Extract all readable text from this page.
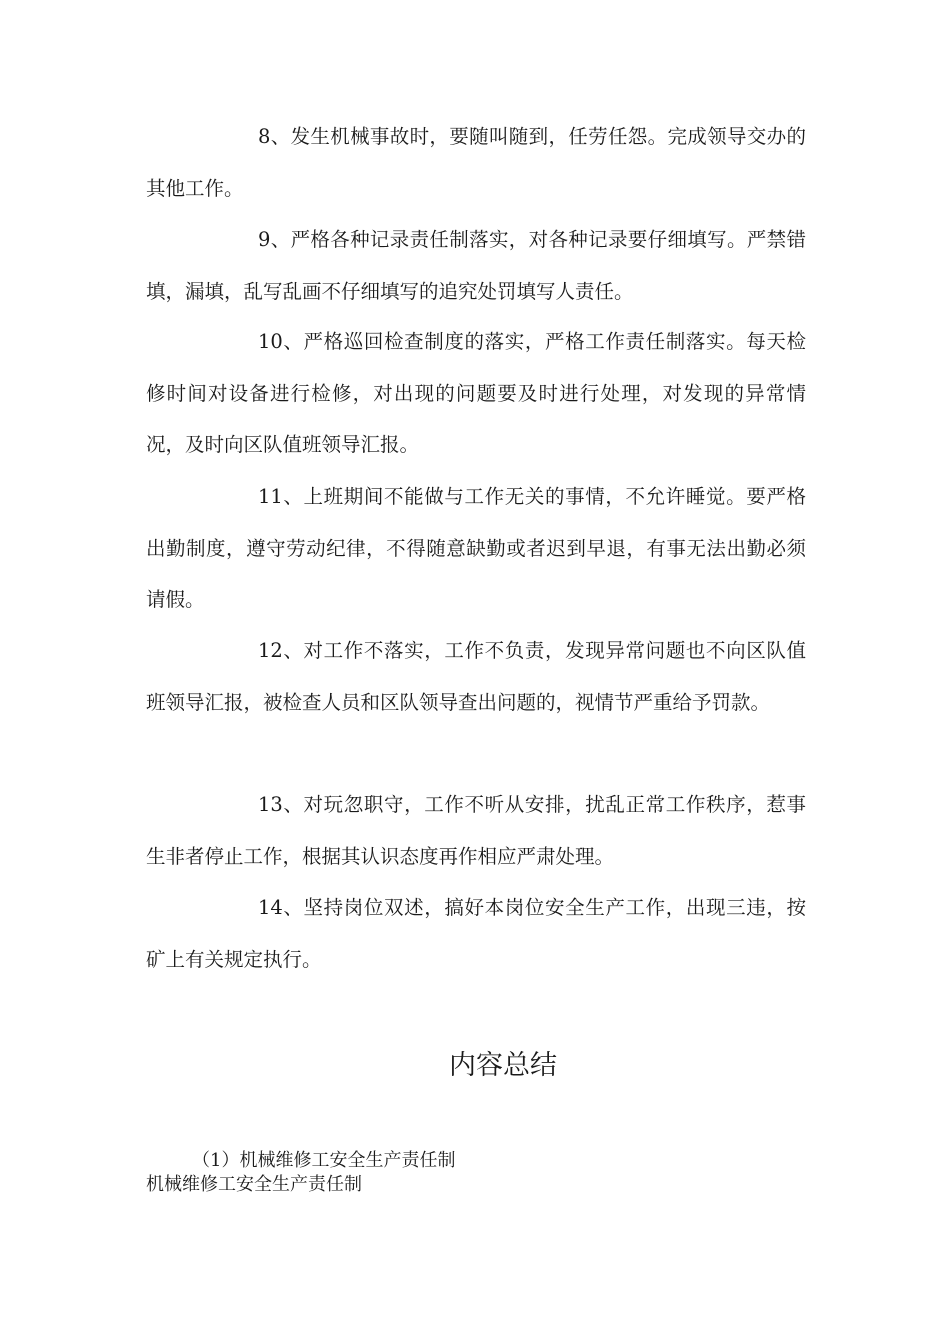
8、发生机械事故时，要随叫随到，任劳任怨。完成领导交办的其他工作。

9、严格各种记录责任制落实，对各种记录要仔细填写。严禁错填，漏填，乱写乱画不仔细填写的追究处罚填写人责任。

10、严格巡回检查制度的落实，严格工作责任制落实。每天检修时间对设备进行检修，对出现的问题要及时进行处理，对发现的异常情况，及时向区队值班领导汇报。

11、上班期间不能做与工作无关的事情，不允许睡觉。要严格出勤制度，遵守劳动纪律，不得随意缺勤或者迟到早退，有事无法出勤必须请假。

12、对工作不落实，工作不负责，发现异常问题也不向区队值班领导汇报，被检查人员和区队领导查出问题的，视情节严重给予罚款。

13、对玩忽职守，工作不听从安排，扰乱正常工作秩序，惹事生非者停止工作，根据其认识态度再作相应严肃处理。

14、坚持岗位双述，搞好本岗位安全生产工作，出现三违，按矿上有关规定执行。

内容总结

（1）机械维修工安全生产责任制

机械维修工安全生产责任制
